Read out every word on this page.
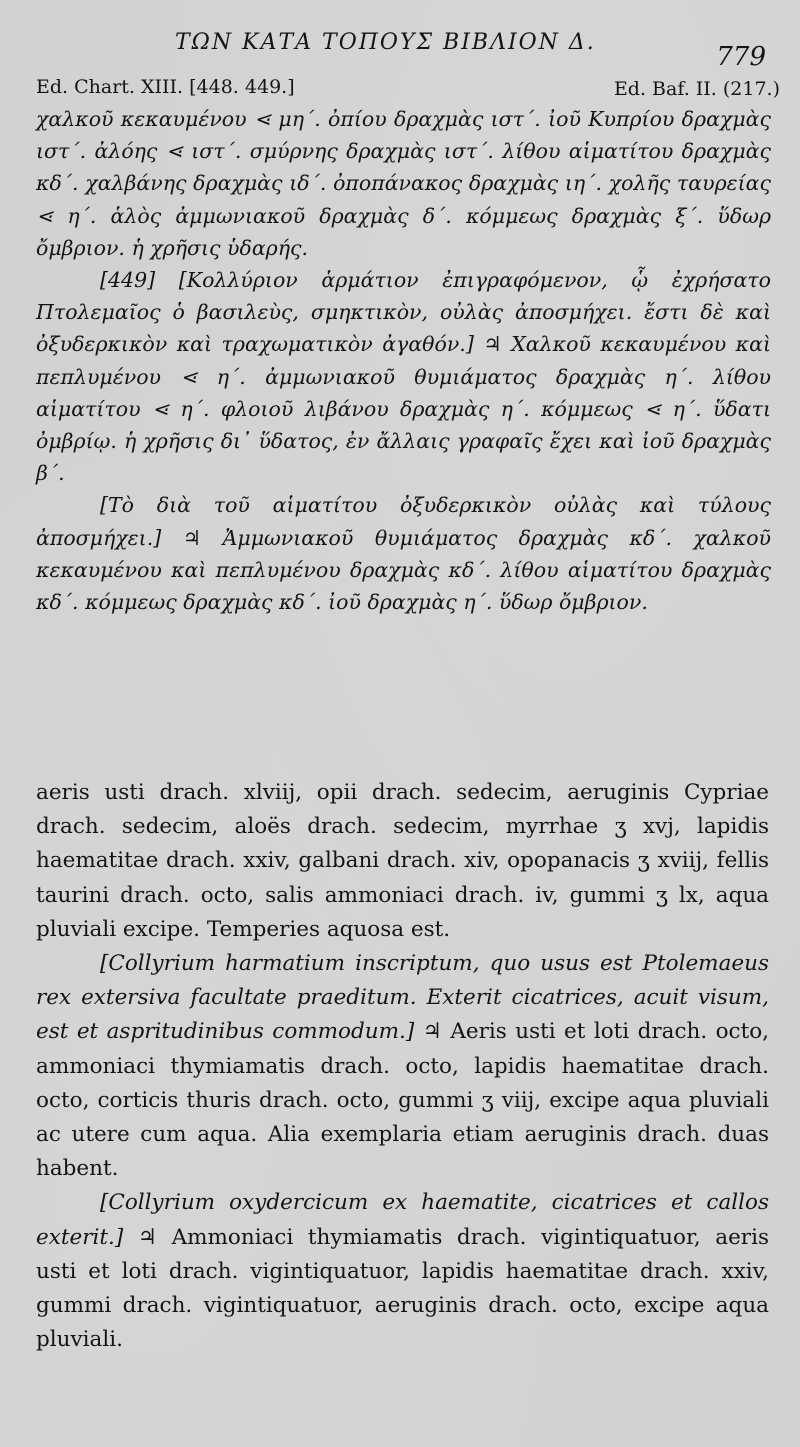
ΤΩΝ ΚΑΤΑ ΤΟΠΟΥΣ ΒΙΒΛΙΟΝ Δ.	779
Ed. Chart. XIII. [448. 449.]	Ed. Baf. II. (217.)

χαλκοῦ κεκαυμένου ⋖ μη΄. ὀπίου δραχμὰς ιστ΄. ἰοῦ Κυπρίου δραχμὰς ιστ΄. ἀλόης ⋖ ιστ΄. σμύρνης δραχμὰς ιστ΄. λίθου αἱματίτου δραχμὰς κδ΄. χαλβάνης δραχμὰς ιδ΄. ὀποπάνακος δραχμὰς ιη΄. χολῆς ταυρείας ⋖ η΄. ἁλὸς ἀμμωνιακοῦ δραχμὰς δ΄. κόμμεως δραχμὰς ξ΄. ὕδωρ ὄμβριον. ἡ χρῆσις ὑδαρής.

[449] [Κολλύριον ἁρμάτιον ἐπιγραφόμενον, ᾧ ἐχρήσατο Πτολεμαῖος ὁ βασιλεὺς, σμηκτικὸν, οὐλὰς ἀποσμήχει. ἔστι δὲ καὶ ὀξυδερκικὸν καὶ τραχωματικὸν ἀγαθόν.] ♃ Χαλκοῦ κεκαυμένου καὶ πεπλυμένου ⋖ η΄. ἀμμωνιακοῦ θυμιάματος δραχμὰς η΄. λίθου αἱματίτου ⋖ η΄. φλοιοῦ λιβάνου δραχμὰς η΄. κόμμεως ⋖ η΄. ὕδατι ὀμβρίῳ. ἡ χρῆσις δι᾽ ὕδατος, ἐν ἄλλαις γραφαῖς ἔχει καὶ ἰοῦ δραχμὰς β΄.

[Τὸ διὰ τοῦ αἱματίτου ὀξυδερκικὸν οὐλὰς καὶ τύλους ἀποσμήχει.] ♃ Ἀμμωνιακοῦ θυμιάματος δραχμὰς κδ΄. χαλκοῦ κεκαυμένου καὶ πεπλυμένου δραχμὰς κδ΄. λίθου αἱματίτου δραχμὰς κδ΄. κόμμεως δραχμὰς κδ΄. ἰοῦ δραχμὰς η΄. ὕδωρ ὄμβριον.

aeris usti drach. xlviij, opii drach. sedecim, aeruginis Cypriae drach. sedecim, aloës drach. sedecim, myrrhae ʒ xvj, lapidis haematitae drach. xxiv, galbani drach. xiv, opopanacis ʒ xviij, fellis taurini drach. octo, salis ammoniaci drach. iv, gummi ʒ lx, aqua pluviali excipe. Temperies aquosa est.

[Collyrium harmatium inscriptum, quo usus est Ptolemaeus rex extersiva facultate praeditum. Exterit cicatrices, acuit visum, est et aspritudinibus commodum.] ♃ Aeris usti et loti drach. octo, ammoniaci thymiamatis drach. octo, lapidis haematitae drach. octo, corticis thuris drach. octo, gummi ʒ viij, excipe aqua pluviali ac utere cum aqua. Alia exemplaria etiam aeruginis drach. duas habent.

[Collyrium oxydercicum ex haematite, cicatrices et callos exterit.] ♃ Ammoniaci thymiamatis drach. vigintiquatuor, aeris usti et loti drach. vigintiquatuor, lapidis haematitae drach. xxiv, gummi drach. vigintiquatuor, aeruginis drach. octo, excipe aqua pluviali.
